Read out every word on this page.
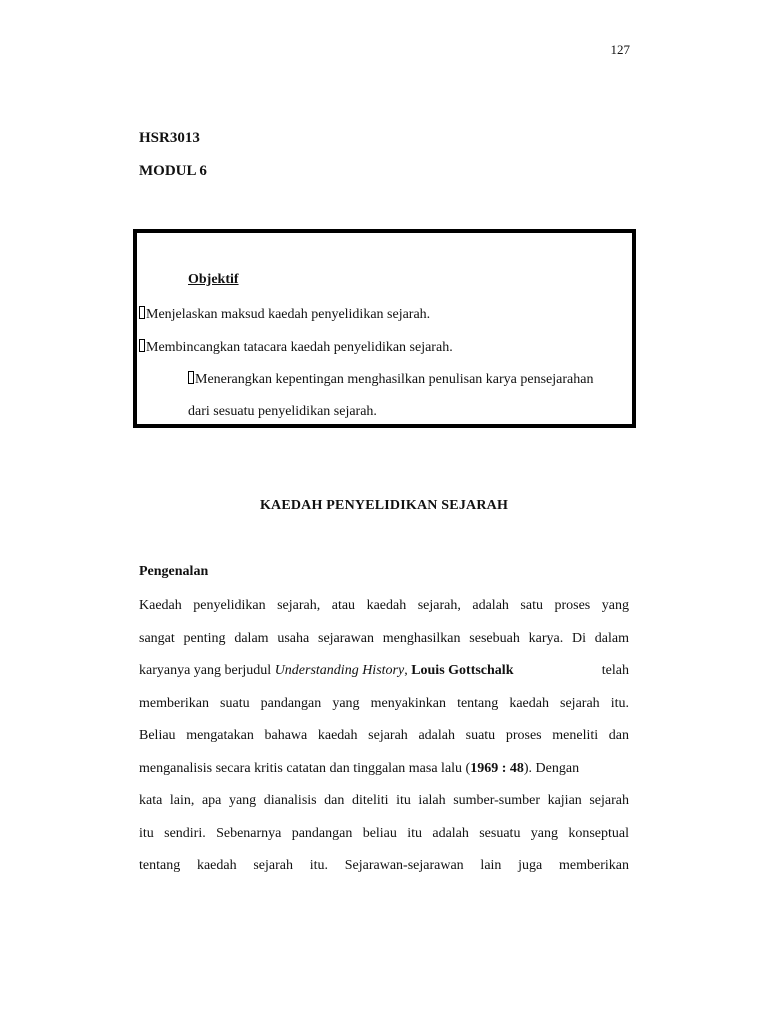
127
HSR3013
MODUL 6
Objektif
Menjelaskan maksud kaedah penyelidikan sejarah.
Membincangkan tatacara kaedah penyelidikan sejarah.
Menerangkan kepentingan menghasilkan penulisan karya pensejarahan
dari sesuatu penyelidikan sejarah.
KAEDAH PENYELIDIKAN SEJARAH
Pengenalan
Kaedah penyelidikan sejarah, atau kaedah sejarah, adalah satu proses yang
sangat penting dalam usaha sejarawan menghasilkan sesebuah karya. Di dalam
karyanya yang berjudul Understanding History, Louis Gottschalk	telah
memberikan suatu pandangan yang menyakinkan tentang kaedah sejarah itu.
Beliau mengatakan bahawa kaedah sejarah adalah suatu proses meneliti dan
menganalisis secara kritis catatan dan tinggalan masa lalu (1969 : 48). Dengan
kata lain, apa yang dianalisis dan diteliti itu ialah sumber-sumber kajian sejarah
itu sendiri. Sebenarnya pandangan beliau itu adalah sesuatu yang konseptual
tentang kaedah sejarah itu. Sejarawan-sejarawan lain juga memberikan
